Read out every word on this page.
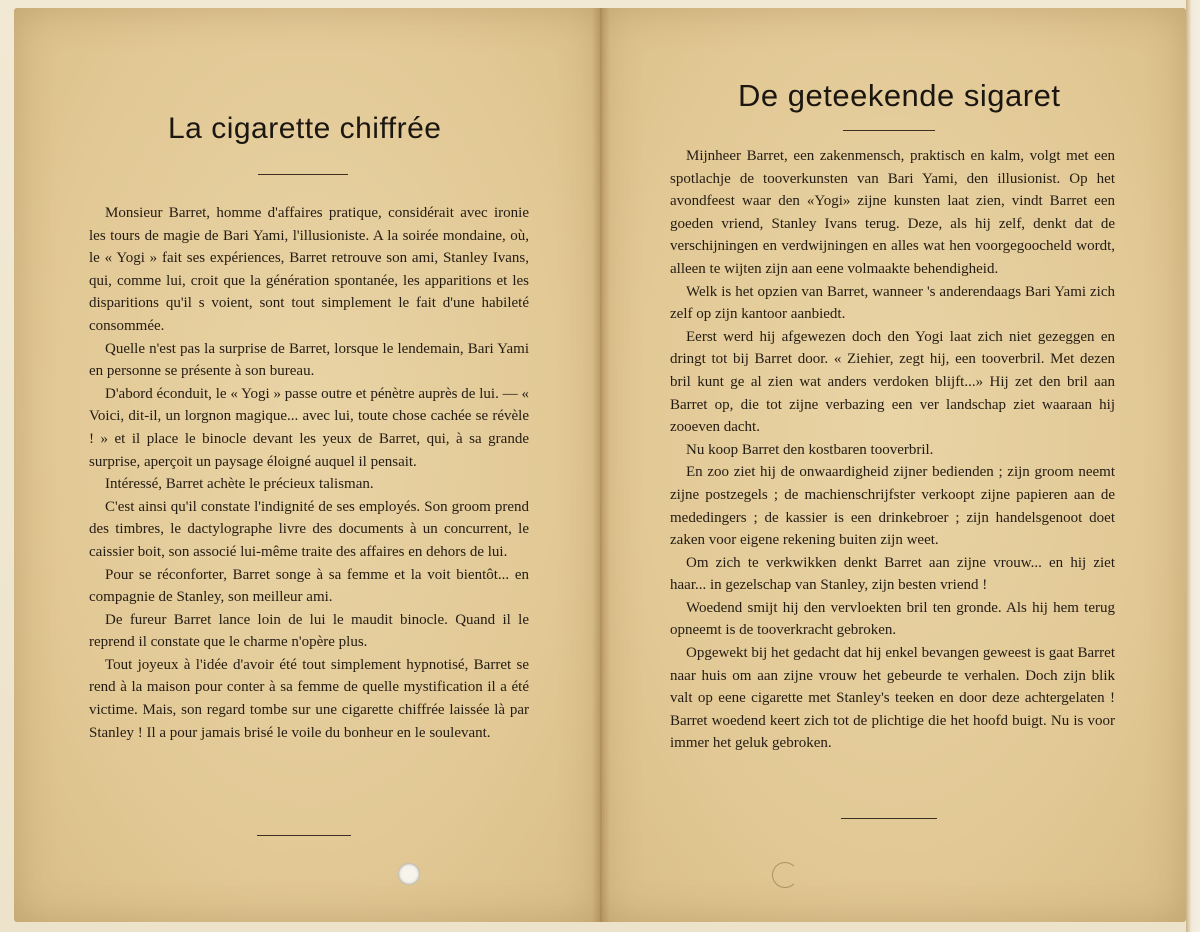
La cigarette chiffrée

Monsieur Barret, homme d'affaires pratique, considérait avec ironie les tours de magie de Bari Yami, l'illusioniste. A la soirée mondaine, où, le « Yogi » fait ses expériences, Barret retrouve son ami, Stanley Ivans, qui, comme lui, croit que la génération spontanée, les apparitions et les disparitions qu'il s voient, sont tout simplement le fait d'une habileté consommée.

Quelle n'est pas la surprise de Barret, lorsque le lendemain, Bari Yami en personne se présente à son bureau.

D'abord éconduit, le « Yogi » passe outre et pénètre auprès de lui. — « Voici, dit-il, un lorgnon magique... avec lui, toute chose cachée se révèle ! » et il place le binocle devant les yeux de Barret, qui, à sa grande surprise, aperçoit un paysage éloigné auquel il pensait.

Intéressé, Barret achète le précieux talisman.

C'est ainsi qu'il constate l'indignité de ses employés. Son groom prend des timbres, le dactylographe livre des documents à un concurrent, le caissier boit, son associé lui-même traite des affaires en dehors de lui.

Pour se réconforter, Barret songe à sa femme et la voit bientôt... en compagnie de Stanley, son meilleur ami.

De fureur Barret lance loin de lui le maudit binocle. Quand il le reprend il constate que le charme n'opère plus.

Tout joyeux à l'idée d'avoir été tout simplement hypnotisé, Barret se rend à la maison pour conter à sa femme de quelle mystification il a été victime. Mais, son regard tombe sur une cigarette chiffrée laissée là par Stanley ! Il a pour jamais brisé le voile du bonheur en le soulevant.

De geteekende sigaret

Mijnheer Barret, een zakenmensch, praktisch en kalm, volgt met een spotlachje de tooverkunsten van Bari Yami, den illusionist. Op het avondfeest waar den «Yogi» zijne kunsten laat zien, vindt Barret een goeden vriend, Stanley Ivans terug. Deze, als hij zelf, denkt dat de verschijningen en verdwijningen en alles wat hen voorgegoocheld wordt, alleen te wijten zijn aan eene volmaakte behendigheid.

Welk is het opzien van Barret, wanneer 's anderendaags Bari Yami zich zelf op zijn kantoor aanbiedt.

Eerst werd hij afgewezen doch den Yogi laat zich niet gezeggen en dringt tot bij Barret door. « Ziehier, zegt hij, een tooverbril. Met dezen bril kunt ge al zien wat anders verdoken blijft...» Hij zet den bril aan Barret op, die tot zijne verbazing een ver landschap ziet waaraan hij zooeven dacht.

Nu koop Barret den kostbaren tooverbril.

En zoo ziet hij de onwaardigheid zijner bedienden ; zijn groom neemt zijne postzegels ; de machienschrijfster verkoopt zijne papieren aan de mededingers ; de kassier is een drinkebroer ; zijn handelsgenoot doet zaken voor eigene rekening buiten zijn weet.

Om zich te verkwikken denkt Barret aan zijne vrouw... en hij ziet haar... in gezelschap van Stanley, zijn besten vriend !

Woedend smijt hij den vervloekten bril ten gronde. Als hij hem terug opneemt is de tooverkracht gebroken.

Opgewekt bij het gedacht dat hij enkel bevangen geweest is gaat Barret naar huis om aan zijne vrouw het gebeurde te verhalen. Doch zijn blik valt op eene cigarette met Stanley's teeken en door deze achtergelaten ! Barret woedend keert zich tot de plichtige die het hoofd buigt. Nu is voor immer het geluk gebroken.
